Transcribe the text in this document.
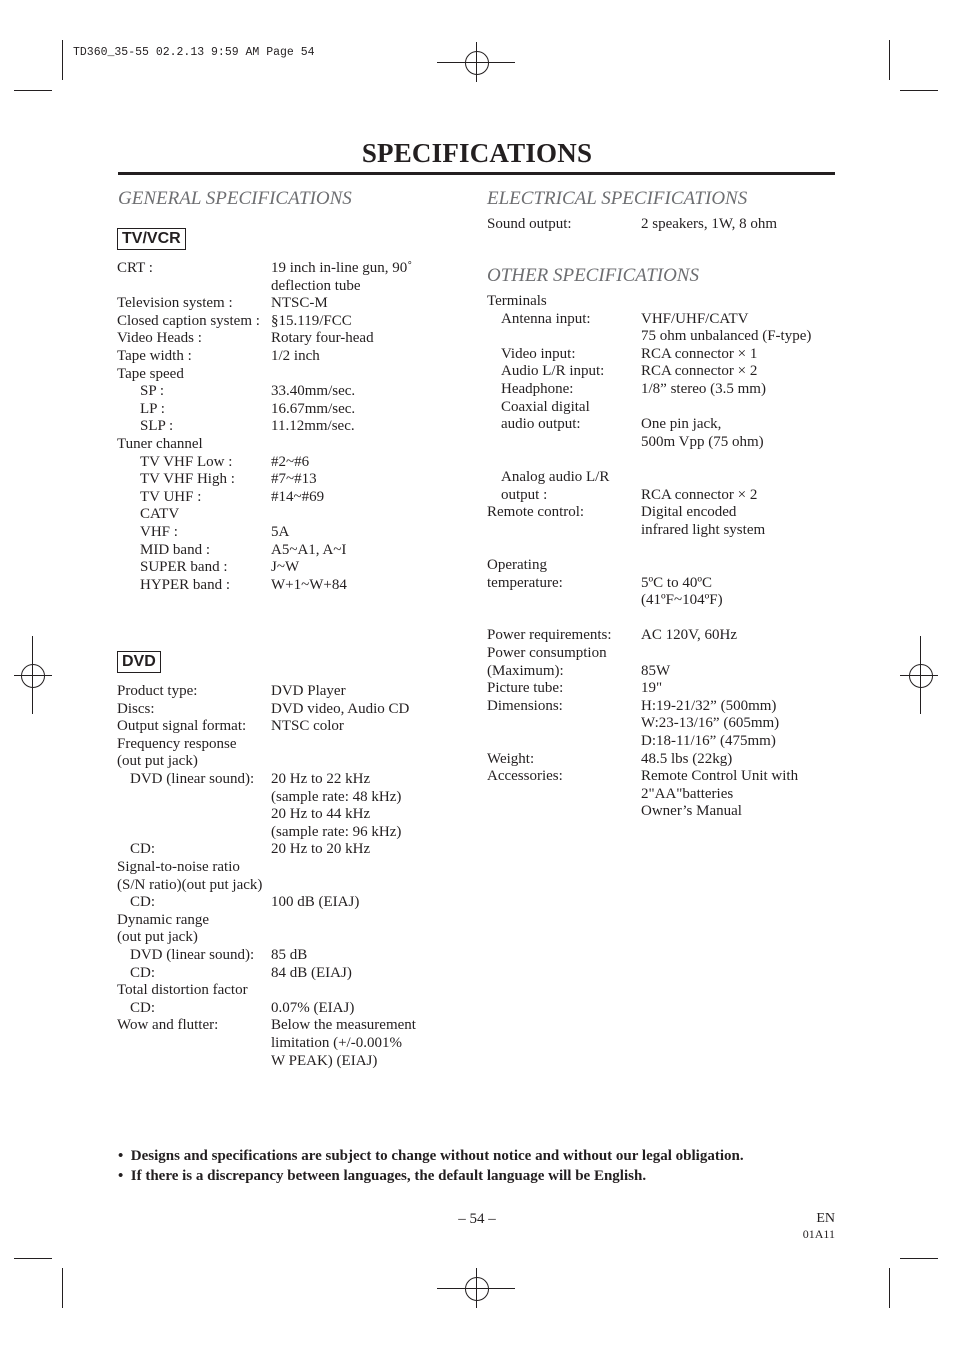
TD360_35-55 02.2.13 9:59 AM Page 54
SPECIFICATIONS
GENERAL SPECIFICATIONS
TV/VCR
CRT :	19 inch in-line gun, 90˚
deflection tube
Television system :	NTSC-M
Closed caption system : §15.119/FCC
Video Heads :	Rotary four-head
Tape width :	1/2 inch
Tape speed
SP :	33.40mm/sec.
LP :	16.67mm/sec.
SLP :	11.12mm/sec.
Tuner channel
TV VHF Low :	#2~#6
TV VHF High : #7~#13
TV UHF :	#14~#69
CATV
VHF :	5A
MID band :	A5~A1, A~I
SUPER band :	J~W
HYPER band :	W+1~W+84
DVD
Product type:	DVD Player
Discs:	DVD video, Audio CD
Output signal format: NTSC color
Frequency response
(out put jack)
DVD (linear sound): 20 Hz to 22 kHz
(sample rate: 48 kHz)
20 Hz to 44 kHz
(sample rate: 96 kHz)
CD:	20 Hz to 20 kHz
Signal-to-noise ratio
(S/N ratio)(out put jack)
CD:	100 dB (EIAJ)
Dynamic range
(out put jack)
DVD (linear sound): 85 dB
CD:	84 dB (EIAJ)
Total distortion factor
CD:	0.07% (EIAJ)
Wow and flutter:	Below the measurement
limitation (+/-0.001%
W PEAK) (EIAJ)
ELECTRICAL SPECIFICATIONS
Sound output:	2 speakers, 1W, 8 ohm
OTHER SPECIFICATIONS
Terminals
Antenna input:	VHF/UHF/CATV
75 ohm unbalanced (F-type)
Video input:	RCA connector × 1
Audio L/R input: RCA connector × 2
Headphone:	1/8” stereo (3.5 mm)
Coaxial digital
audio output:	One pin jack,
500m Vpp (75 ohm)
Analog audio L/R
output :	RCA connector × 2
Remote control:	Digital encoded
infrared light system
Operating
temperature:	5ºC to 40ºC
(41ºF~104ºF)
Power requirements: AC 120V, 60Hz
Power consumption
(Maximum):	85W
Picture tube:	19"
Dimensions:	H:19-21/32” (500mm)
W:23-13/16” (605mm)
D:18-11/16” (475mm)
Weight:	48.5 lbs (22kg)
Accessories:	Remote Control Unit with
2"AA"batteries
Owner’s Manual
•  Designs and specifications are subject to change without notice and without our legal obligation.
•  If there is a discrepancy between languages, the default language will be English.
– 54 –	EN
01A11
